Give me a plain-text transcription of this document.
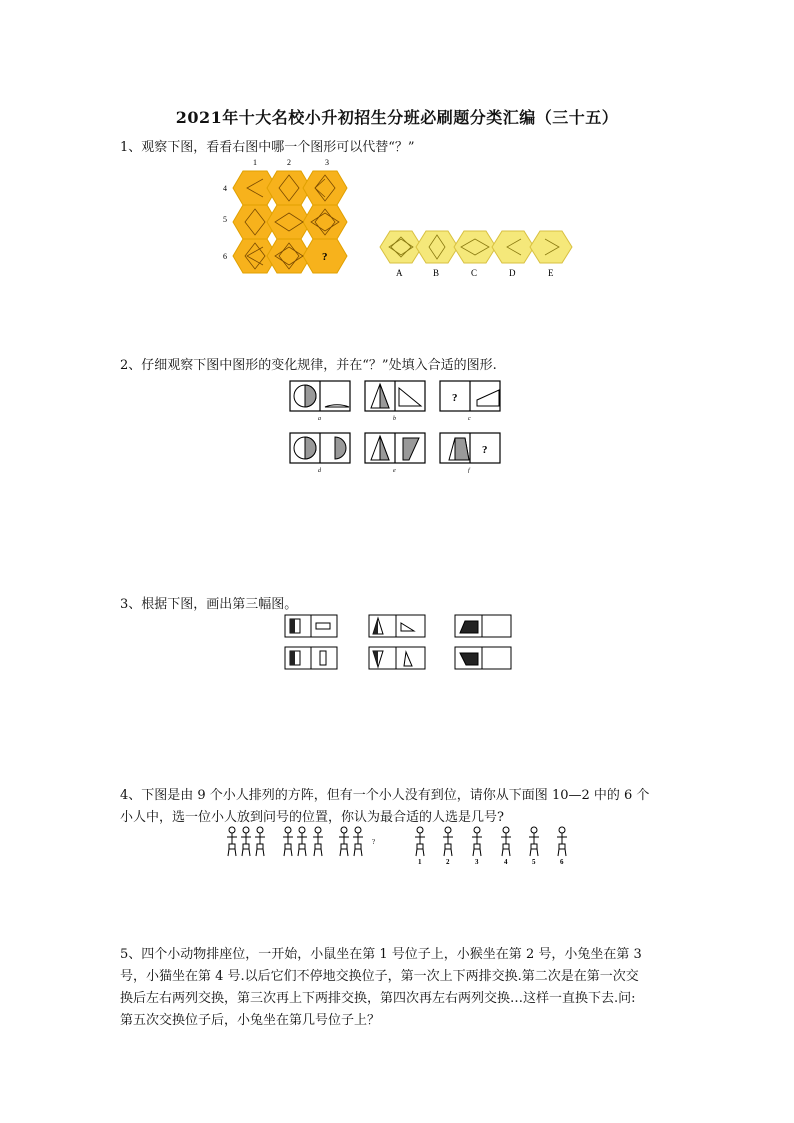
2021年十大名校小升初招生分班必刷题分类汇编（三十五）
1、观察下图，看看右图中哪一个图形可以代替“？”
1	2	3
4
5
6	?
A	B	C	D	E
2、仔细观察下图中图形的变化规律，并在“？”处填入合适的图形.
?
?
a	b	c
d	e	f
3、根据下图，画出第三幅图。
4、下图是由 9 个小人排列的方阵，但有一个小人没有到位，请你从下面图 10—2 中的 6 个
小人中，选一位小人放到问号的位置，你认为最合适的人选是几号?
?
1	2	3	4	5	6
5、四个小动物排座位，一开始，小鼠坐在第 1 号位子上，小猴坐在第 2 号，小兔坐在第 3
号，小猫坐在第 4 号.以后它们不停地交换位子，第一次上下两排交换.第二次是在第一次交
换后左右两列交换，第三次再上下两排交换，第四次再左右两列交换…这样一直换下去.问:
第五次交换位子后，小兔坐在第几号位子上？
